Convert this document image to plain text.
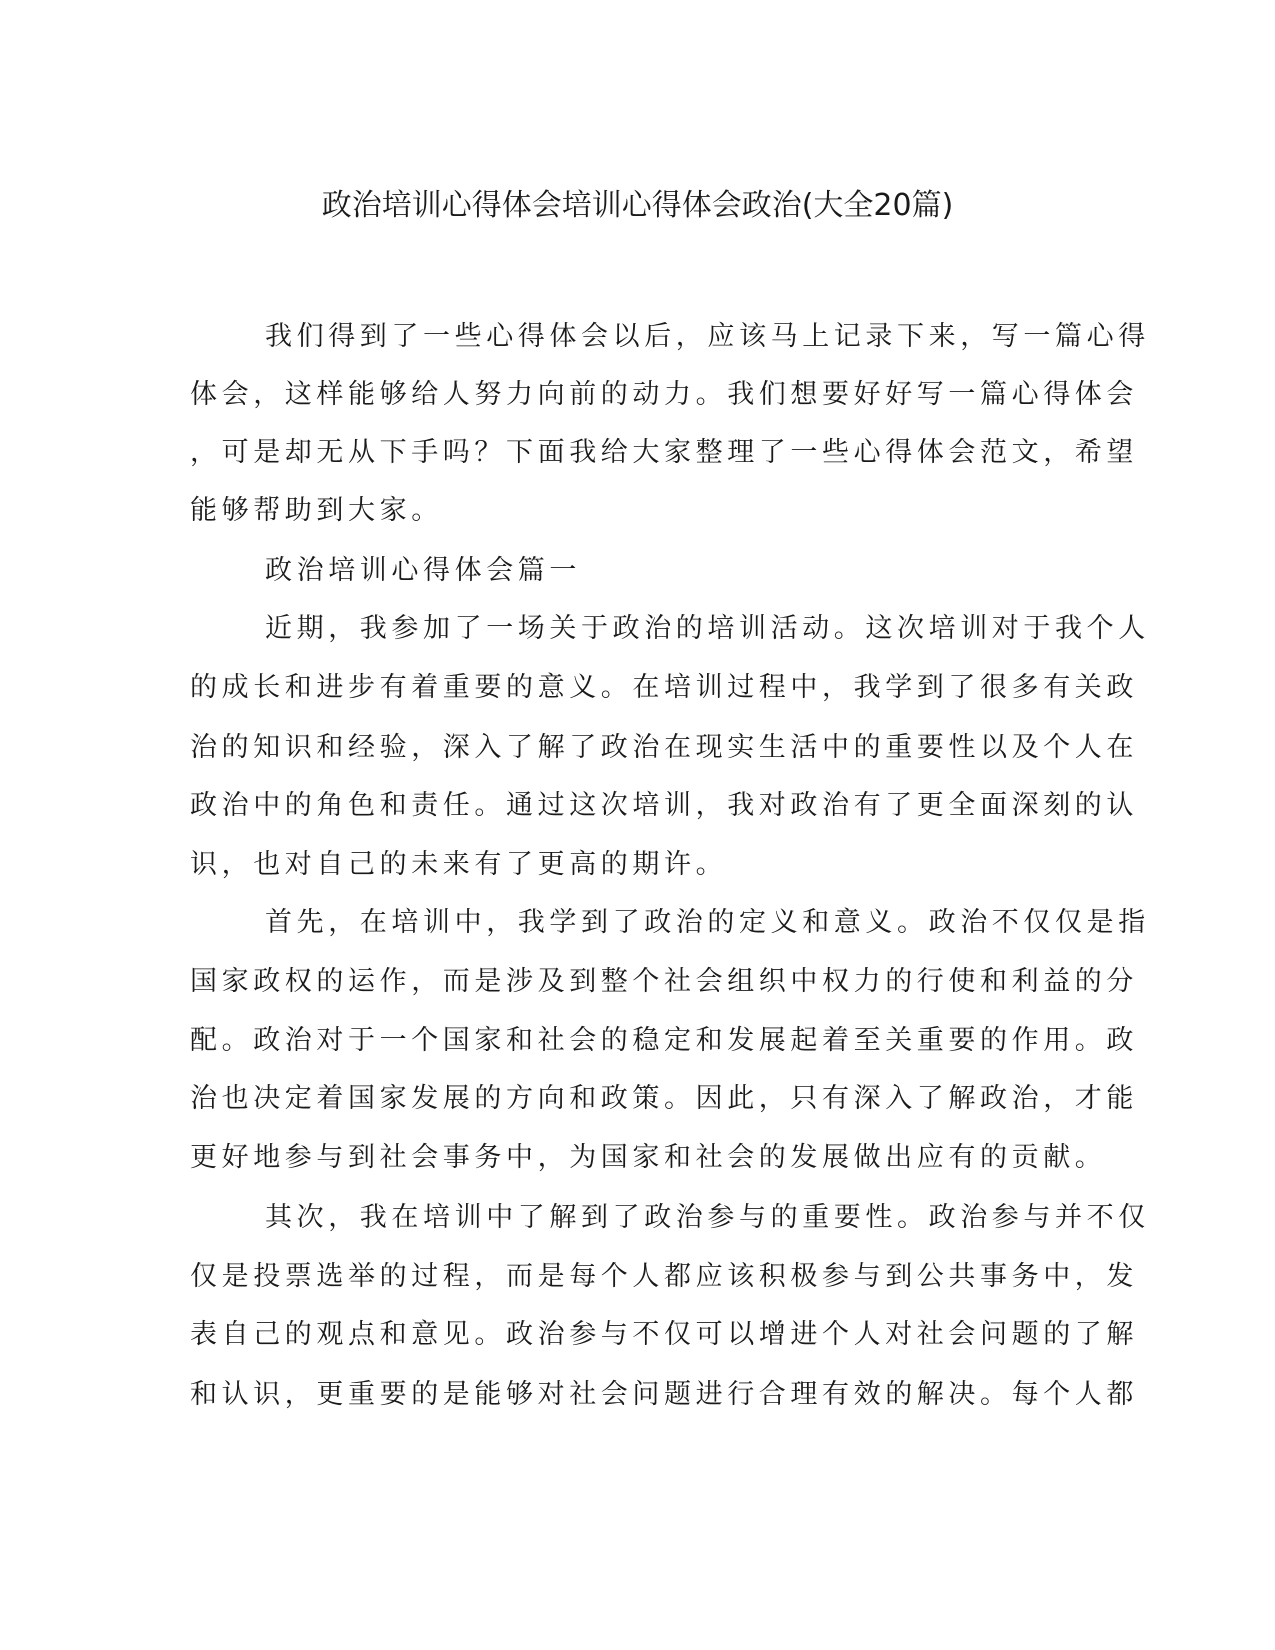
政治培训心得体会培训心得体会政治(大全20篇)
我们得到了一些心得体会以后，应该马上记录下来，写一篇心得
体会，这样能够给人努力向前的动力。我们想要好好写一篇心得体会
，可是却无从下手吗？下面我给大家整理了一些心得体会范文，希望
能够帮助到大家。
政治培训心得体会篇一
近期，我参加了一场关于政治的培训活动。这次培训对于我个人
的成长和进步有着重要的意义。在培训过程中，我学到了很多有关政
治的知识和经验，深入了解了政治在现实生活中的重要性以及个人在
政治中的角色和责任。通过这次培训，我对政治有了更全面深刻的认
识，也对自己的未来有了更高的期许。
首先，在培训中，我学到了政治的定义和意义。政治不仅仅是指
国家政权的运作，而是涉及到整个社会组织中权力的行使和利益的分
配。政治对于一个国家和社会的稳定和发展起着至关重要的作用。政
治也决定着国家发展的方向和政策。因此，只有深入了解政治，才能
更好地参与到社会事务中，为国家和社会的发展做出应有的贡献。
其次，我在培训中了解到了政治参与的重要性。政治参与并不仅
仅是投票选举的过程，而是每个人都应该积极参与到公共事务中，发
表自己的观点和意见。政治参与不仅可以增进个人对社会问题的了解
和认识，更重要的是能够对社会问题进行合理有效的解决。每个人都
